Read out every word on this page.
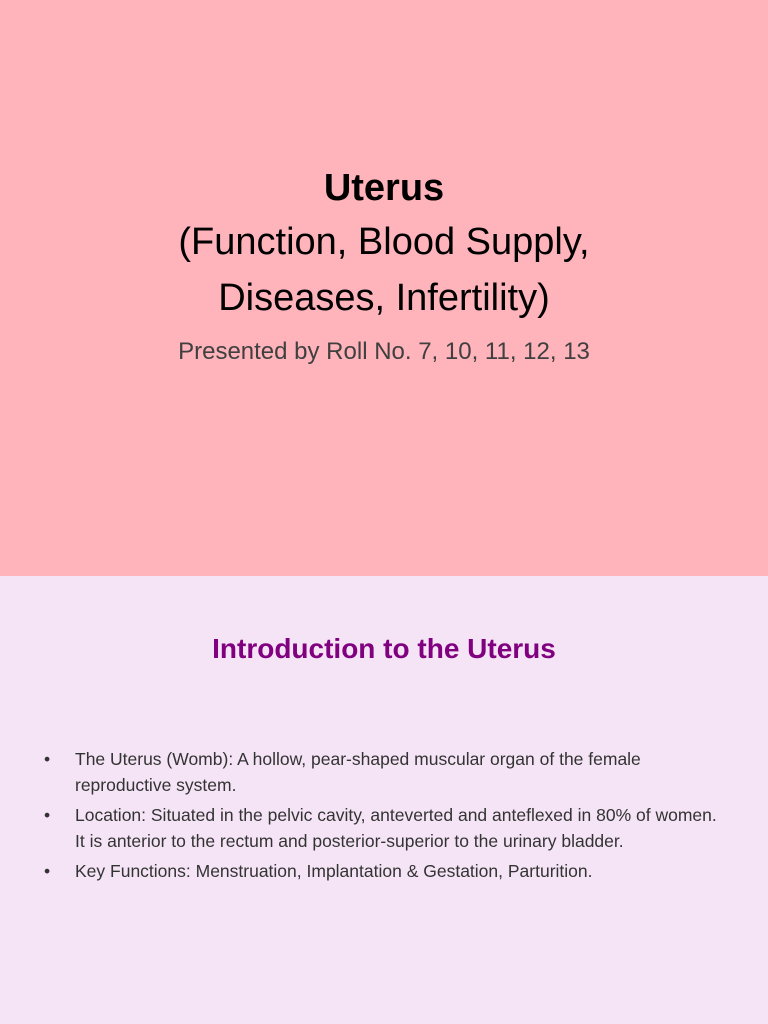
Uterus

(Function, Blood Supply,

Diseases, Infertility)

Presented by Roll No. 7, 10, 11, 12, 13
Introduction to the Uterus
• The Uterus (Womb): A hollow, pear-shaped muscular organ of the female reproductive system.
• Location: Situated in the pelvic cavity, anteverted and anteflexed in 80% of women. It is anterior to the rectum and posterior-superior to the urinary bladder.
• Key Functions: Menstruation, Implantation & Gestation, Parturition.
